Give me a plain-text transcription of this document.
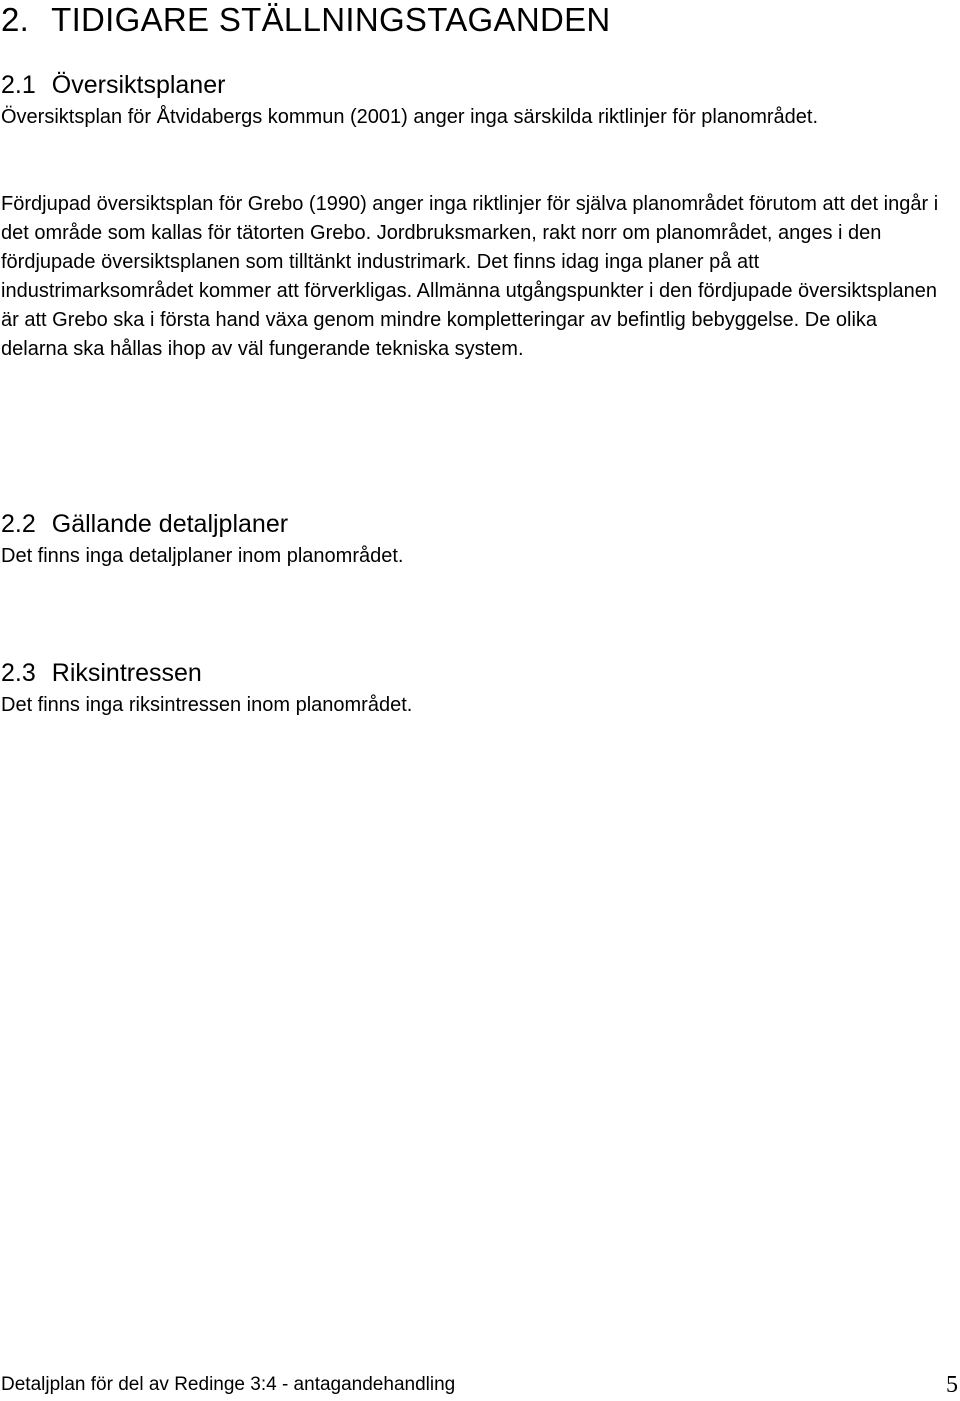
2. TIDIGARE STÄLLNINGSTAGANDEN
2.1 Översiktsplaner

Översiktsplan för Åtvidabergs kommun (2001) anger inga särskilda riktlinjer för planområdet.

Fördjupad översiktsplan för Grebo (1990) anger inga riktlinjer för själva planområdet förutom att det ingår i det område som kallas för tätorten Grebo. Jordbruksmarken, rakt norr om planområdet, anges i den fördjupade översiktsplanen som tilltänkt industrimark. Det finns idag inga planer på att industrimarksområdet kommer att förverkligas. Allmänna utgångspunkter i den fördjupade översiktsplanen är att Grebo ska i första hand växa genom mindre kompletteringar av befintlig bebyggelse. De olika delarna ska hållas ihop av väl fungerande tekniska system.

2.2 Gällande detaljplaner

Det finns inga detaljplaner inom planområdet.

2.3 Riksintressen

Det finns inga riksintressen inom planområdet.

Detaljplan för del av Redinge 3:4 - antagandehandling	5
